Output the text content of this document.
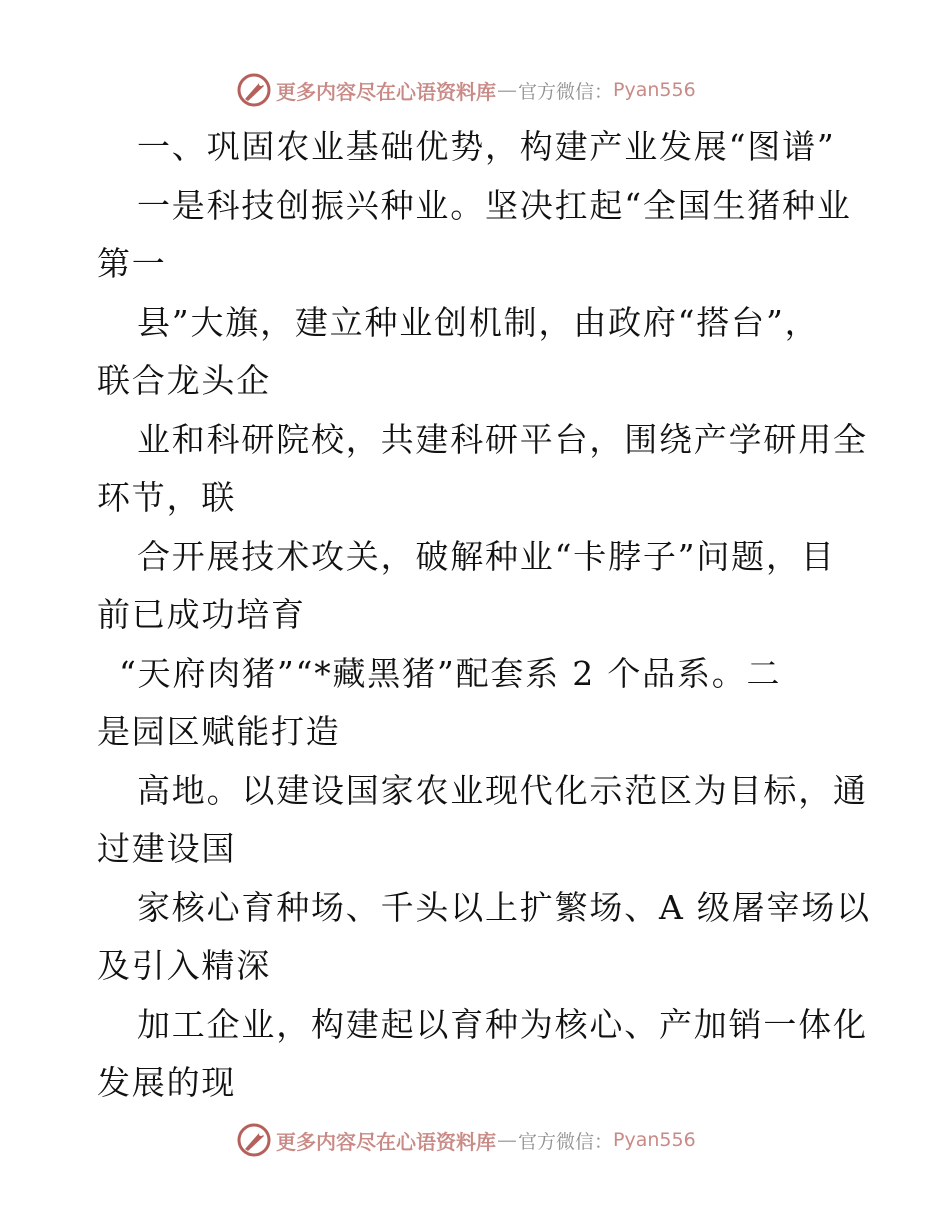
更多内容尽在心语资料库 — 官方微信： Pyan556
一、巩固农业基础优势，构建产业发展“图谱”
一是科技创振兴种业。坚决扛起“全国生猪种业
第一
县”大旗，建立种业创机制，由政府“搭台”，
联合龙头企
业和科研院校，共建科研平台，围绕产学研用全
环节，联
合开展技术攻关，破解种业“卡脖子”问题，目
前已成功培育
“天府肉猪”“*藏黑猪”配套系 2 个品系。二
是园区赋能打造
高地。以建设国家农业现代化示范区为目标，通
过建设国
家核心育种场、千头以上扩繁场、A 级屠宰场以
及引入精深
加工企业，构建起以育种为核心、产加销一体化
发展的现
更多内容尽在心语资料库 — 官方微信： Pyan556
